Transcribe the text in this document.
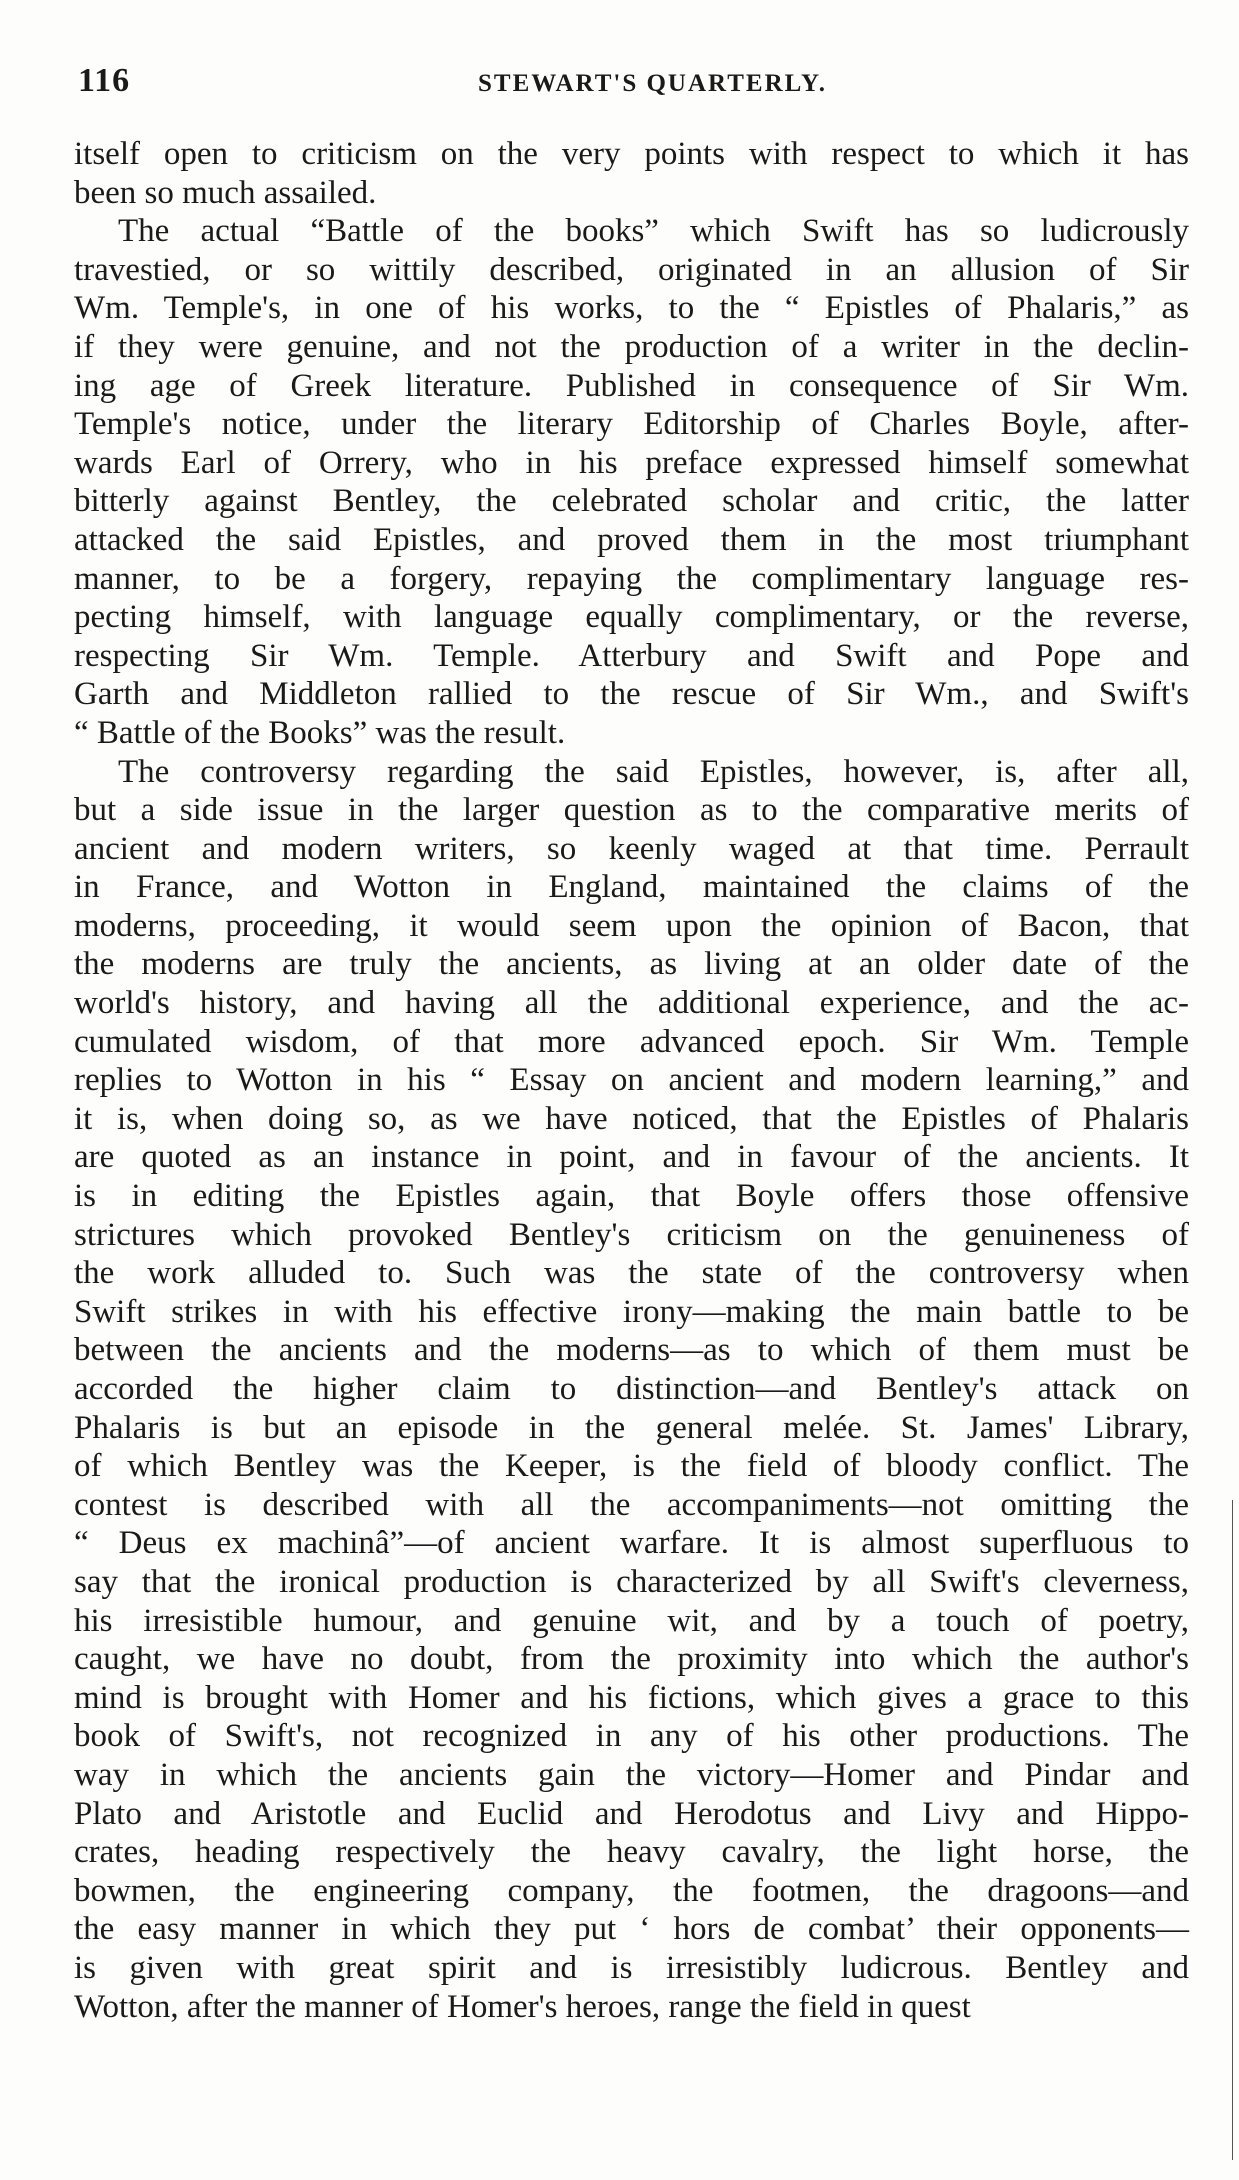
116	STEWART'S QUARTERLY.
itself open to criticism on the very points with respect to which it has
been so much assailed.
The actual “Battle of the books” which Swift has so ludicrously
travestied, or so wittily described, originated in an allusion of Sir
Wm. Temple's, in one of his works, to the “ Epistles of Phalaris,” as
if they were genuine, and not the production of a writer in the declin-
ing age of Greek literature. Published in consequence of Sir Wm.
Temple's notice, under the literary Editorship of Charles Boyle, after-
wards Earl of Orrery, who in his preface expressed himself somewhat
bitterly against Bentley, the celebrated scholar and critic, the latter
attacked the said Epistles, and proved them in the most triumphant
manner, to be a forgery, repaying the complimentary language res-
pecting himself, with language equally complimentary, or the reverse,
respecting Sir Wm. Temple. Atterbury and Swift and Pope and
Garth and Middleton rallied to the rescue of Sir Wm., and Swift's
“ Battle of the Books” was the result.
The controversy regarding the said Epistles, however, is, after all,
but a side issue in the larger question as to the comparative merits of
ancient and modern writers, so keenly waged at that time. Perrault
in France, and Wotton in England, maintained the claims of the
moderns, proceeding, it would seem upon the opinion of Bacon, that
the moderns are truly the ancients, as living at an older date of the
world's history, and having all the additional experience, and the ac-
cumulated wisdom, of that more advanced epoch. Sir Wm. Temple
replies to Wotton in his “ Essay on ancient and modern learning,” and
it is, when doing so, as we have noticed, that the Epistles of Phalaris
are quoted as an instance in point, and in favour of the ancients. It
is in editing the Epistles again, that Boyle offers those offensive
strictures which provoked Bentley's criticism on the genuineness of
the work alluded to. Such was the state of the controversy when
Swift strikes in with his effective irony—making the main battle to be
between the ancients and the moderns—as to which of them must be
accorded the higher claim to distinction—and Bentley's attack on
Phalaris is but an episode in the general melée. St. James' Library,
of which Bentley was the Keeper, is the field of bloody conflict. The
contest is described with all the accompaniments—not omitting the
“ Deus ex machinâ”—of ancient warfare. It is almost superfluous to
say that the ironical production is characterized by all Swift's cleverness,
his irresistible humour, and genuine wit, and by a touch of poetry,
caught, we have no doubt, from the proximity into which the author's
mind is brought with Homer and his fictions, which gives a grace to this
book of Swift's, not recognized in any of his other productions. The
way in which the ancients gain the victory—Homer and Pindar and
Plato and Aristotle and Euclid and Herodotus and Livy and Hippo-
crates, heading respectively the heavy cavalry, the light horse, the
bowmen, the engineering company, the footmen, the dragoons—and
the easy manner in which they put ‘ hors de combat’ their opponents—
is given with great spirit and is irresistibly ludicrous. Bentley and
Wotton, after the manner of Homer's heroes, range the field in quest
